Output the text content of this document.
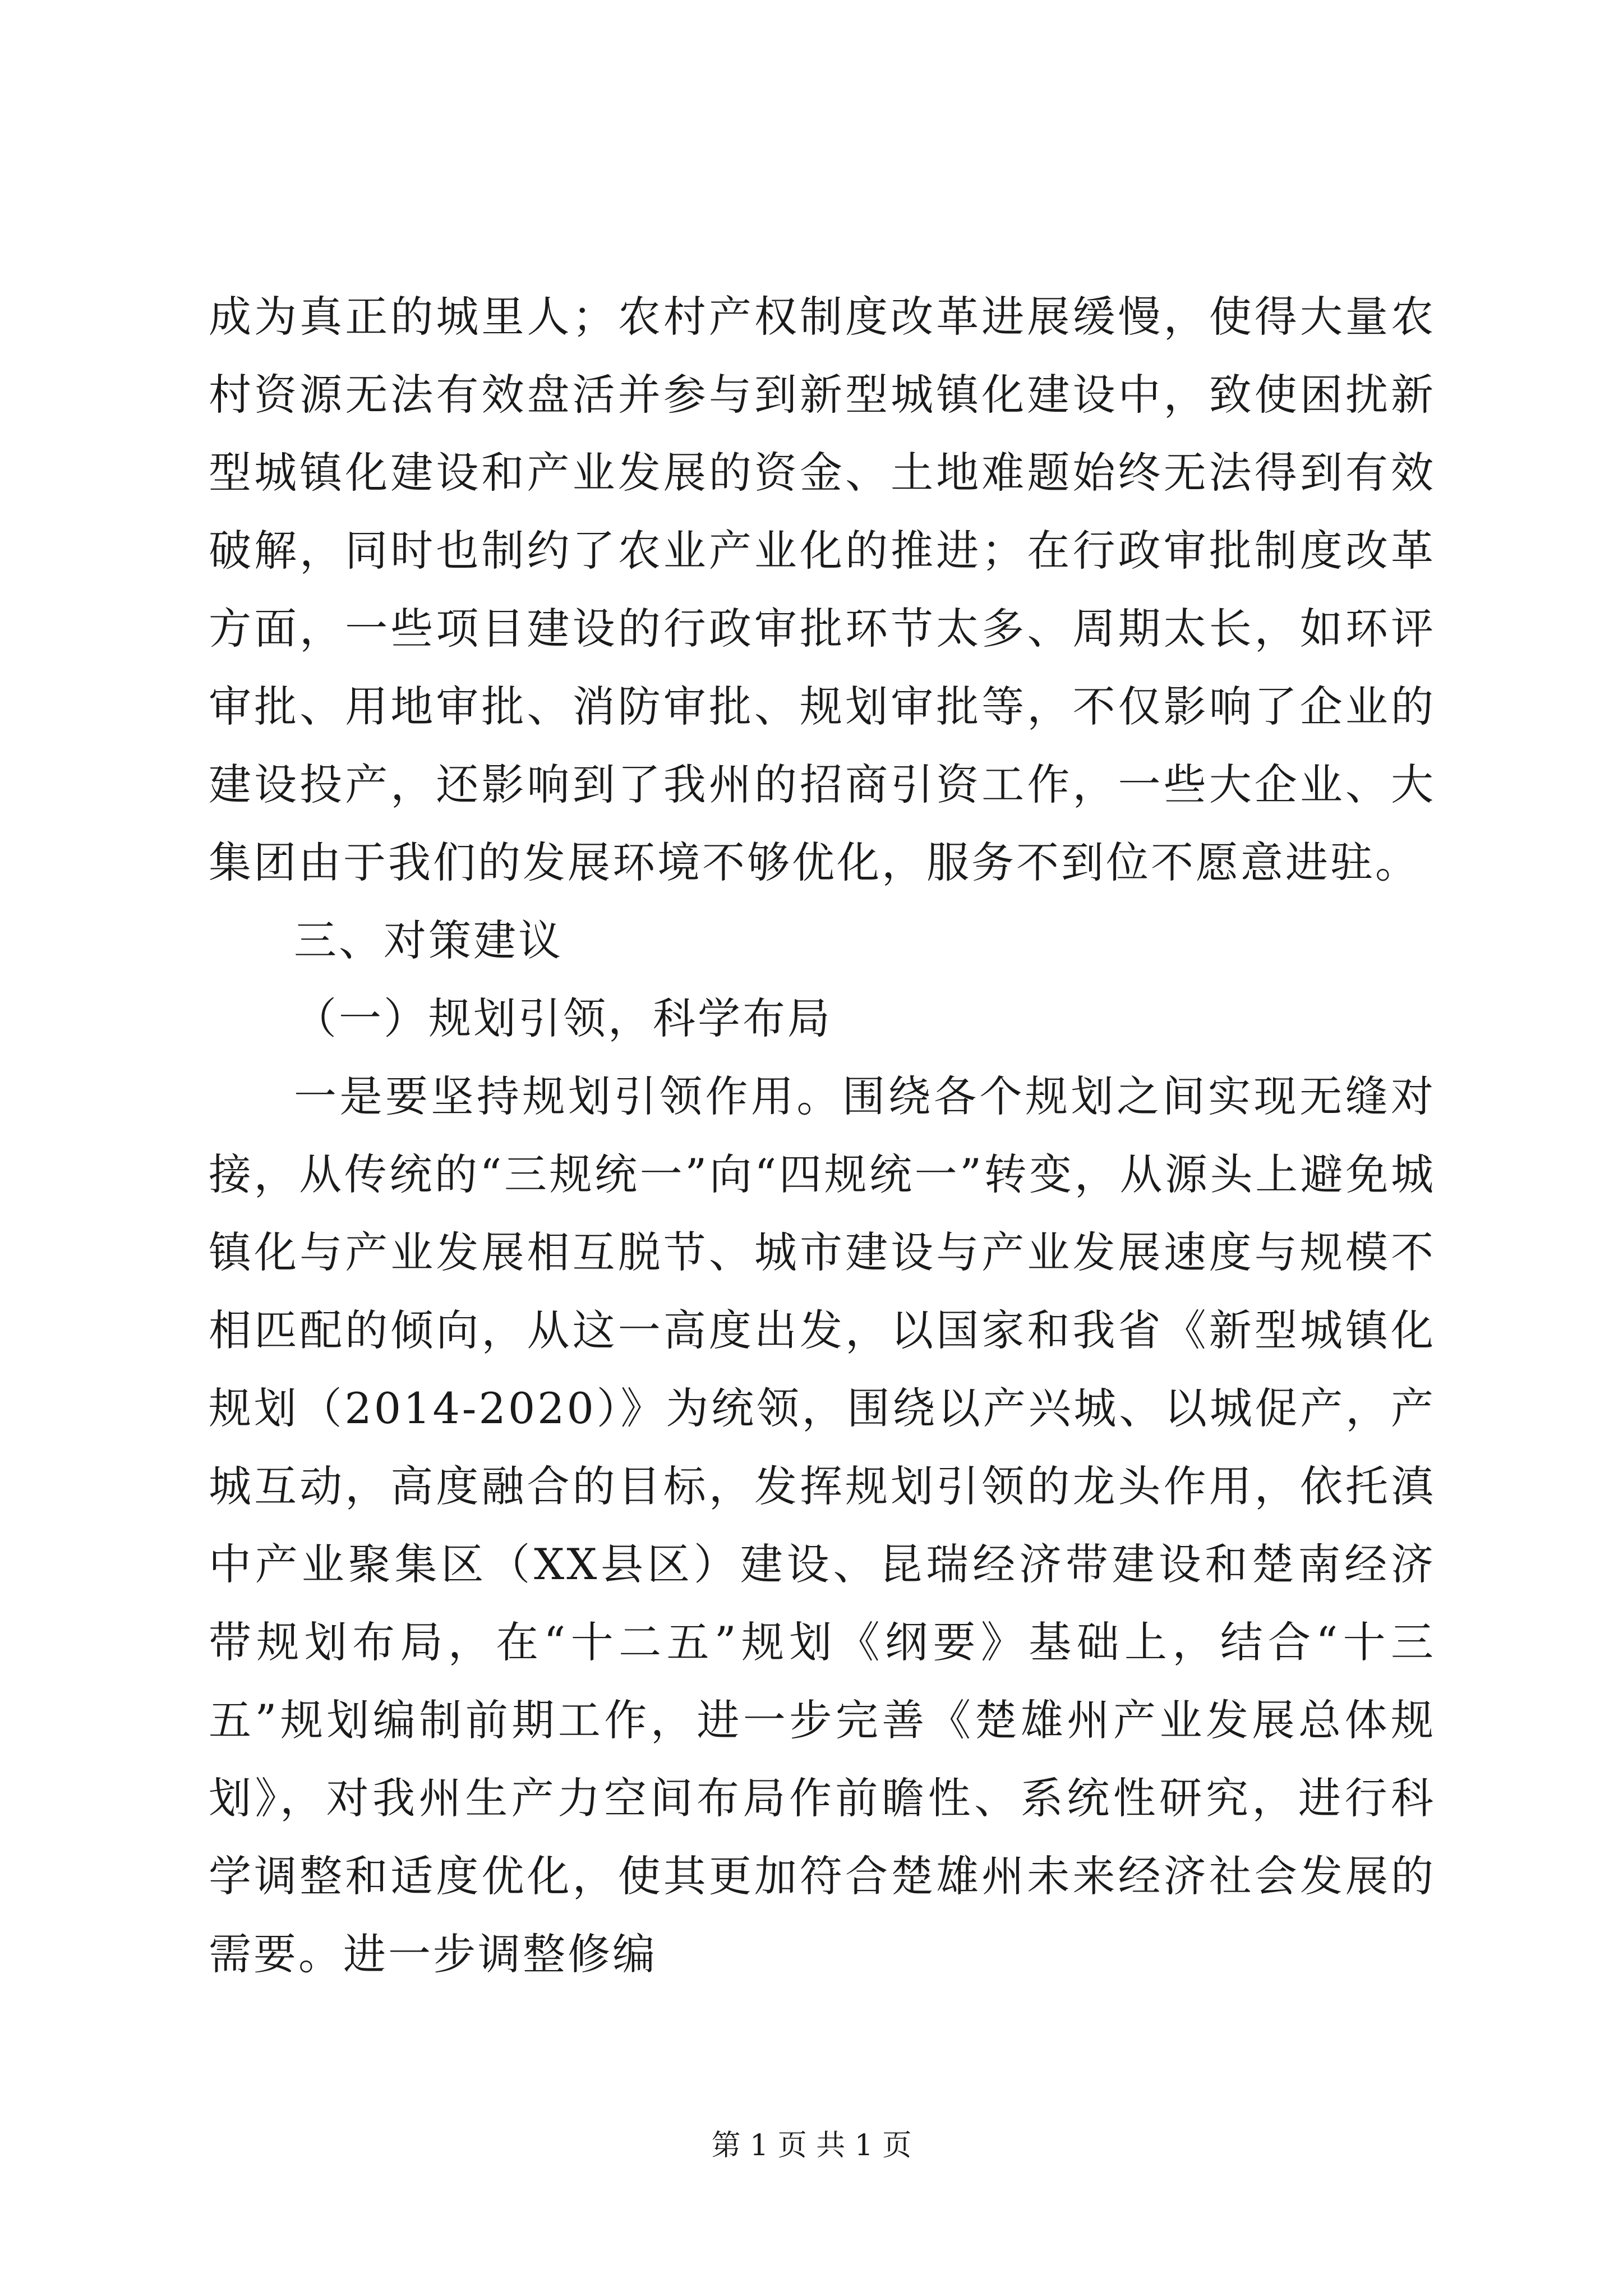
成为真正的城里人；农村产权制度改革进展缓慢，使得大量农村资源无法有效盘活并参与到新型城镇化建设中，致使困扰新型城镇化建设和产业发展的资金、土地难题始终无法得到有效破解，同时也制约了农业产业化的推进；在行政审批制度改革方面，一些项目建设的行政审批环节太多、周期太长，如环评审批、用地审批、消防审批、规划审批等，不仅影响了企业的建设投产，还影响到了我州的招商引资工作，一些大企业、大集团由于我们的发展环境不够优化，服务不到位不愿意进驻。

三、对策建议

（一）规划引领，科学布局

一是要坚持规划引领作用。围绕各个规划之间实现无缝对接，从传统的“三规统一”向“四规统一”转变，从源头上避免城镇化与产业发展相互脱节、城市建设与产业发展速度与规模不相匹配的倾向，从这一高度出发，以国家和我省《新型城镇化规划（2014-2020）》为统领，围绕以产兴城、以城促产，产城互动，高度融合的目标，发挥规划引领的龙头作用，依托滇中产业聚集区（XX县区）建设、昆瑞经济带建设和楚南经济带规划布局，在“十二五”规划《纲要》基础上，结合“十三五”规划编制前期工作，进一步完善《楚雄州产业发展总体规划》，对我州生产力空间布局作前瞻性、系统性研究，进行科学调整和适度优化，使其更加符合楚雄州未来经济社会发展的需要。进一步调整修编

第 1 页 共 1 页
